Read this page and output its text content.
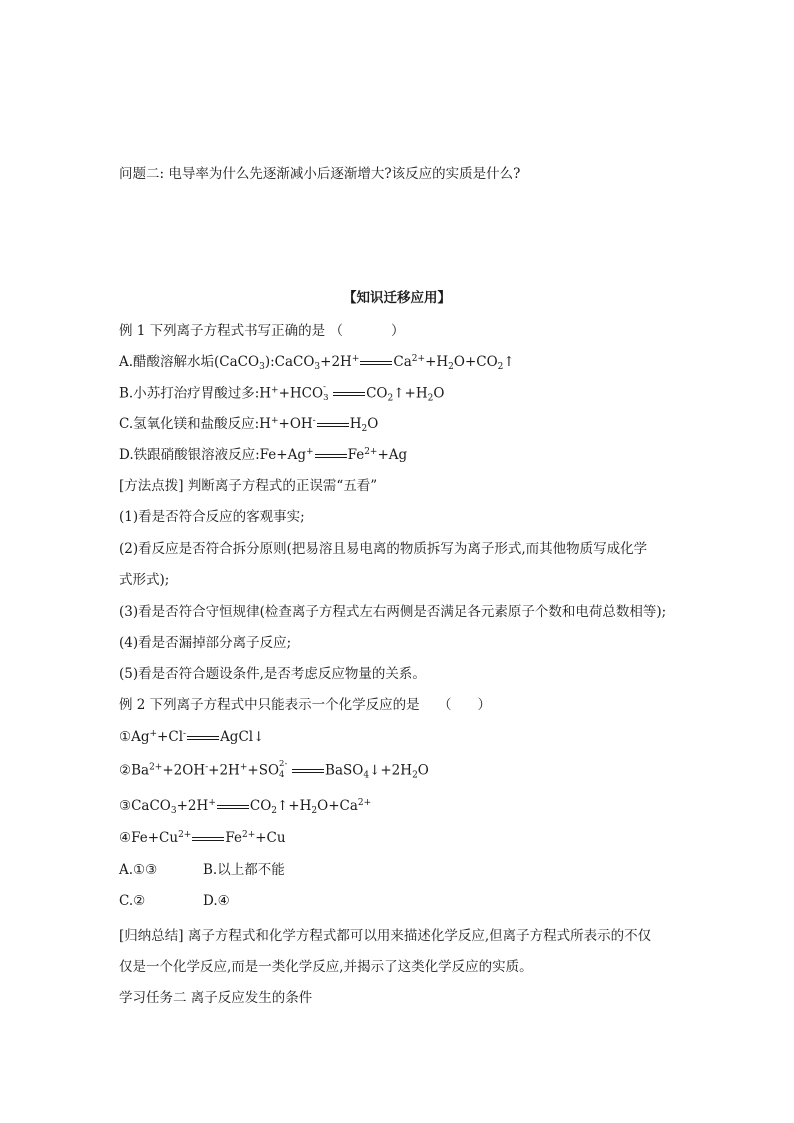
问题二: 电导率为什么先逐渐减小后逐渐增大?该反应的实质是什么?
【知识迁移应用】
例 1 下列离子方程式书写正确的是 （	）
A.醋酸溶解水垢(CaCO$_3$):CaCO$_3$+2H+	$Ca^{2+}+H_2O+CO_2↑$
B.小苏打治疗胃酸过多:H++HCO -
3	$CO_2↑+H_2O$
C.氢氧化镁和盐酸反应:H++OH-	$H_2O$
D.铁跟硝酸银溶液反应:Fe+Ag+	$Fe^{2+}+Ag$
[方法点拨] 判断离子方程式的正误需“五看”
(1)看是否符合反应的客观事实;
(2)看反应是否符合拆分原则(把易溶且易电离的物质拆写为离子形式,而其他物质写成化学
式形式);
(3)看是否符合守恒规律(检查离子方程式左右两侧是否满足各元素原子个数和电荷总数相等);
(4)看是否漏掉部分离子反应;
(5)看是否符合题设条件,是否考虑反应物量的关系。
例 2 下列离子方程式中只能表示一个化学反应的是 （ ）
①Ag++Cl-	AgCl↓
$②Ba^{2+}+2OH^-+2H^++SO$ 2-
4	$BaSO_4↓+2H_2O$
③CaCO$_3$+2H+	$CO_2↑+H_2O+Ca^{2+}$
$④Fe+Cu^{2+}$	$Fe^{2+}+Cu$
A.①③	B.以上都不能
C.②	D.④
[归纳总结] 离子方程式和化学方程式都可以用来描述化学反应,但离子方程式所表示的不仅
仅是一个化学反应,而是一类化学反应,并揭示了这类化学反应的实质。
学习任务二 离子反应发生的条件
